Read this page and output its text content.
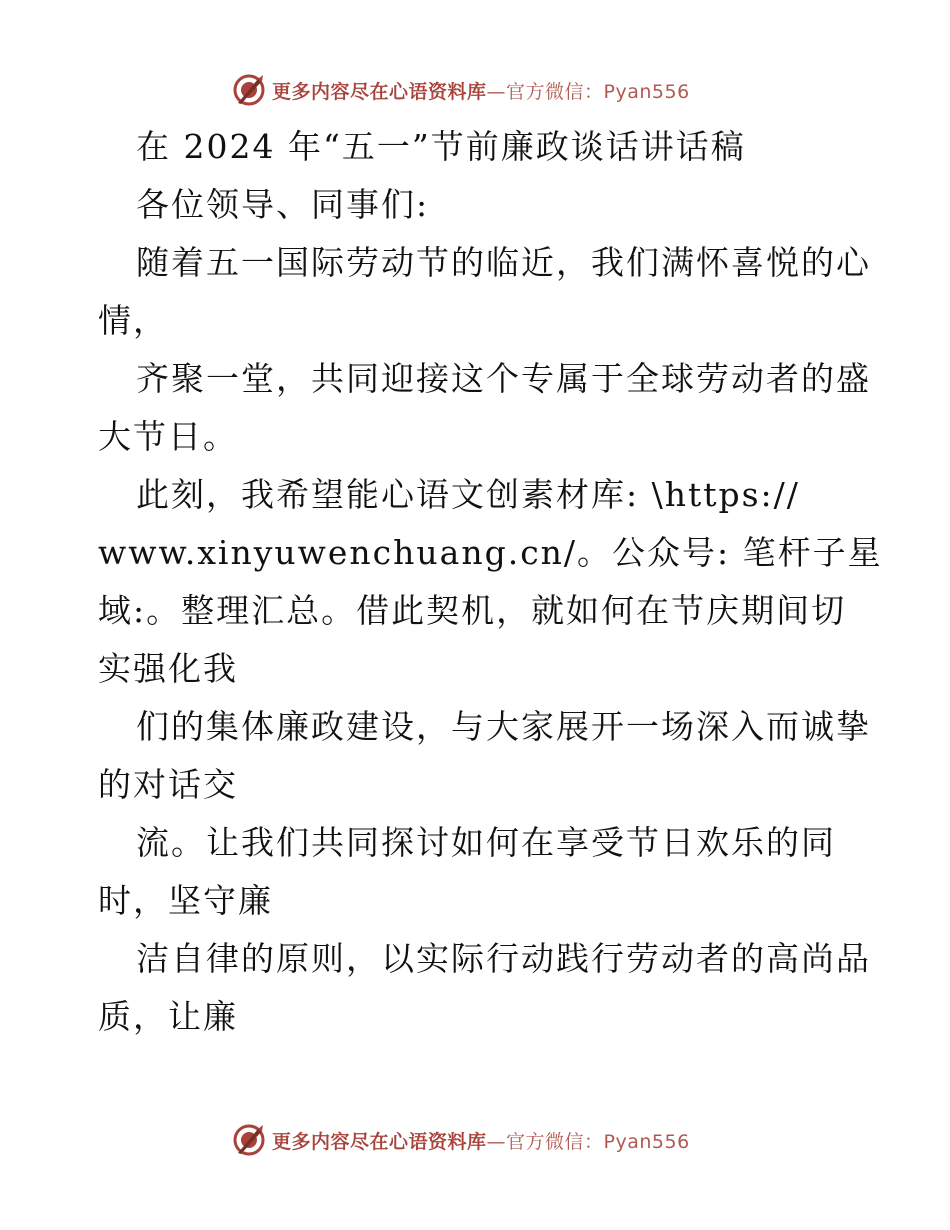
更多内容尽在心语资料库 —官方微信：Pyan556
在 2024 年“五一”节前廉政谈话讲话稿
各位领导、同事们:
随着五一国际劳动节的临近，我们满怀喜悦的心
情，
齐聚一堂，共同迎接这个专属于全球劳动者的盛
大节日。
此刻，我希望能心语文创素材库: \https://
www.xinyuwenchuang.cn/。公众号: 笔杆子星
域:。整理汇总。借此契机，就如何在节庆期间切
实强化我
们的集体廉政建设，与大家展开一场深入而诚挚
的对话交
流。让我们共同探讨如何在享受节日欢乐的同
时，坚守廉
洁自律的原则，以实际行动践行劳动者的高尚品
质，让廉
更多内容尽在心语资料库 —官方微信：Pyan556
